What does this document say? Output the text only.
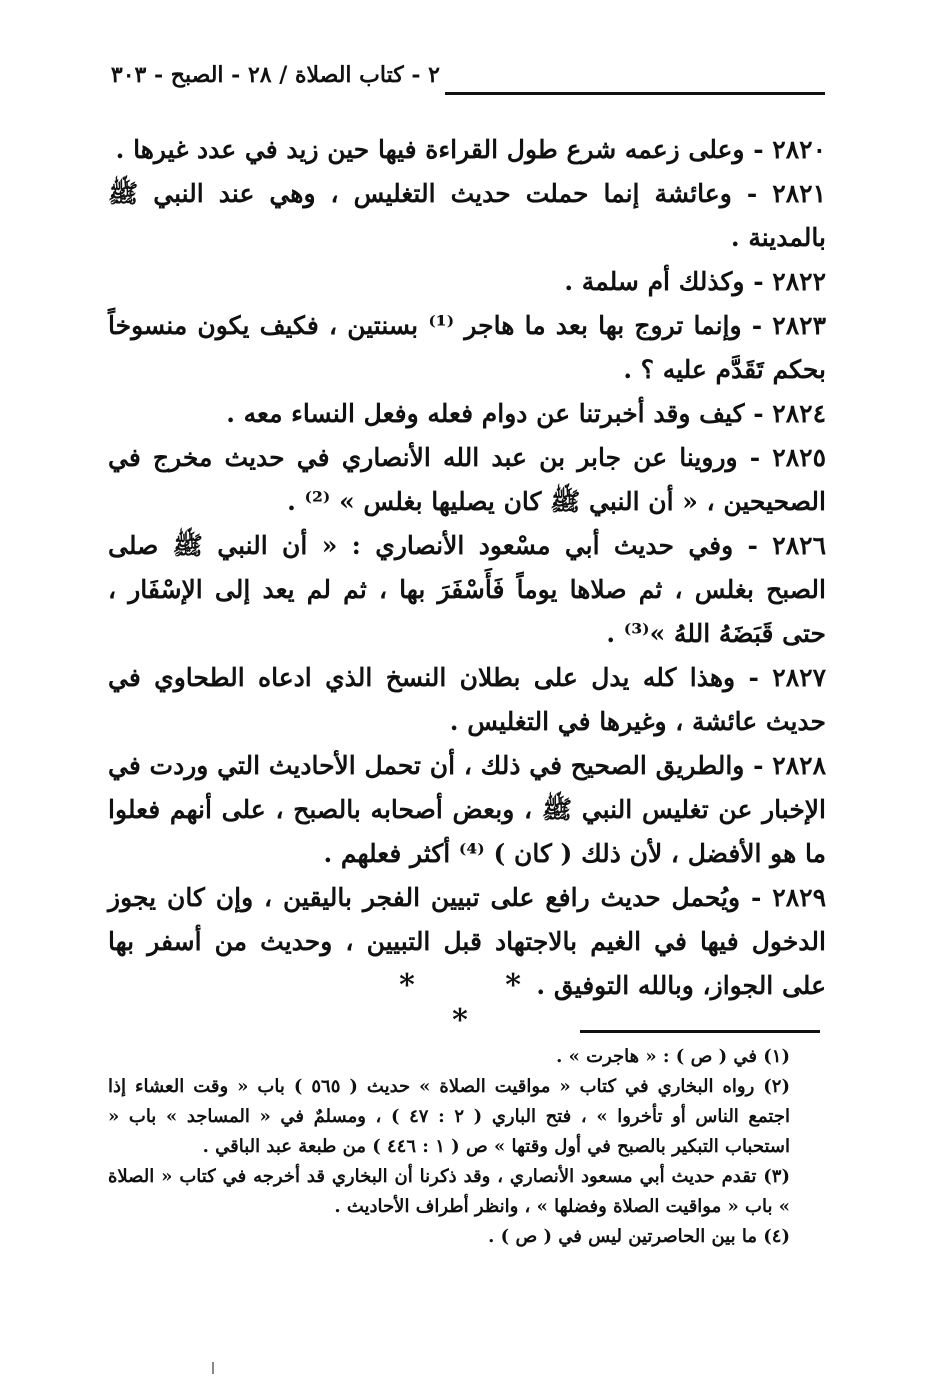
٢ - كتاب الصلاة / ٢٨ - الصبح - ٣٠٣

٢٨٢٠ - وعلى زعمه شرع طول القراءة فيها حين زيد في عدد غيرها .

٢٨٢١ - وعائشة إنما حملت حديث التغليس ، وهي عند النبي ﷺ بالمدينة .

٢٨٢٢ - وكذلك أم سلمة .

٢٨٢٣ - وإنما تروج بها بعد ما هاجر ⁽¹⁾ بسنتين ، فكيف يكون منسوخاً بحكم تَقَدَّم عليه ؟ .

٢٨٢٤ - كيف وقد أخبرتنا عن دوام فعله وفعل النساء معه .

٢٨٢٥ - وروينا عن جابر بن عبد الله الأنصاري في حديث مخرج في الصحيحين ، « أن النبي ﷺ كان يصليها بغلس » ⁽²⁾ .

٢٨٢٦ - وفي حديث أبي مسْعود الأنصاري : « أن النبي ﷺ صلى الصبح بغلس ، ثم صلاها يوماً فَأَسْفَرَ بها ، ثم لم يعد إلى الإسْفَار ، حتى قَبَضَهُ اللهُ »⁽³⁾ .

٢٨٢٧ - وهذا كله يدل على بطلان النسخ الذي ادعاه الطحاوي في حديث عائشة ، وغيرها في التغليس .

٢٨٢٨ - والطريق الصحيح في ذلك ، أن تحمل الأحاديث التي وردت في الإخبار عن تغليس النبي ﷺ ، وبعض أصحابه بالصبح ، على أنهم فعلوا ما هو الأفضل ، لأن ذلك ( كان ) ⁽⁴⁾ أكثر فعلهم .

٢٨٢٩ - ويُحمل حديث رافع على تبيين الفجر باليقين ، وإن كان يجوز الدخول فيها في الغيم بالاجتهاد قبل التبيين ، وحديث من أسفر بها على الجواز، وبالله التوفيق .

* * *

(١) في ( ص ) : « هاجرت » .

(٢) رواه البخاري في كتاب « مواقيت الصلاة » حديث ( ٥٦٥ ) باب « وقت العشاء إذا اجتمع الناس أو تأخروا » ، فتح الباري ( ٢ : ٤٧ ) ، ومسلمٌ في « المساجد » باب « استحباب التبكير بالصبح في أول وقتها » ص ( ١ : ٤٤٦ ) من طبعة عبد الباقي .

(٣) تقدم حديث أبي مسعود الأنصاري ، وقد ذكرنا أن البخاري قد أخرجه في كتاب « الصلاة » باب « مواقيت الصلاة وفضلها » ، وانظر أطراف الأحاديث .

(٤) ما بين الحاصرتين ليس في ( ص ) .
